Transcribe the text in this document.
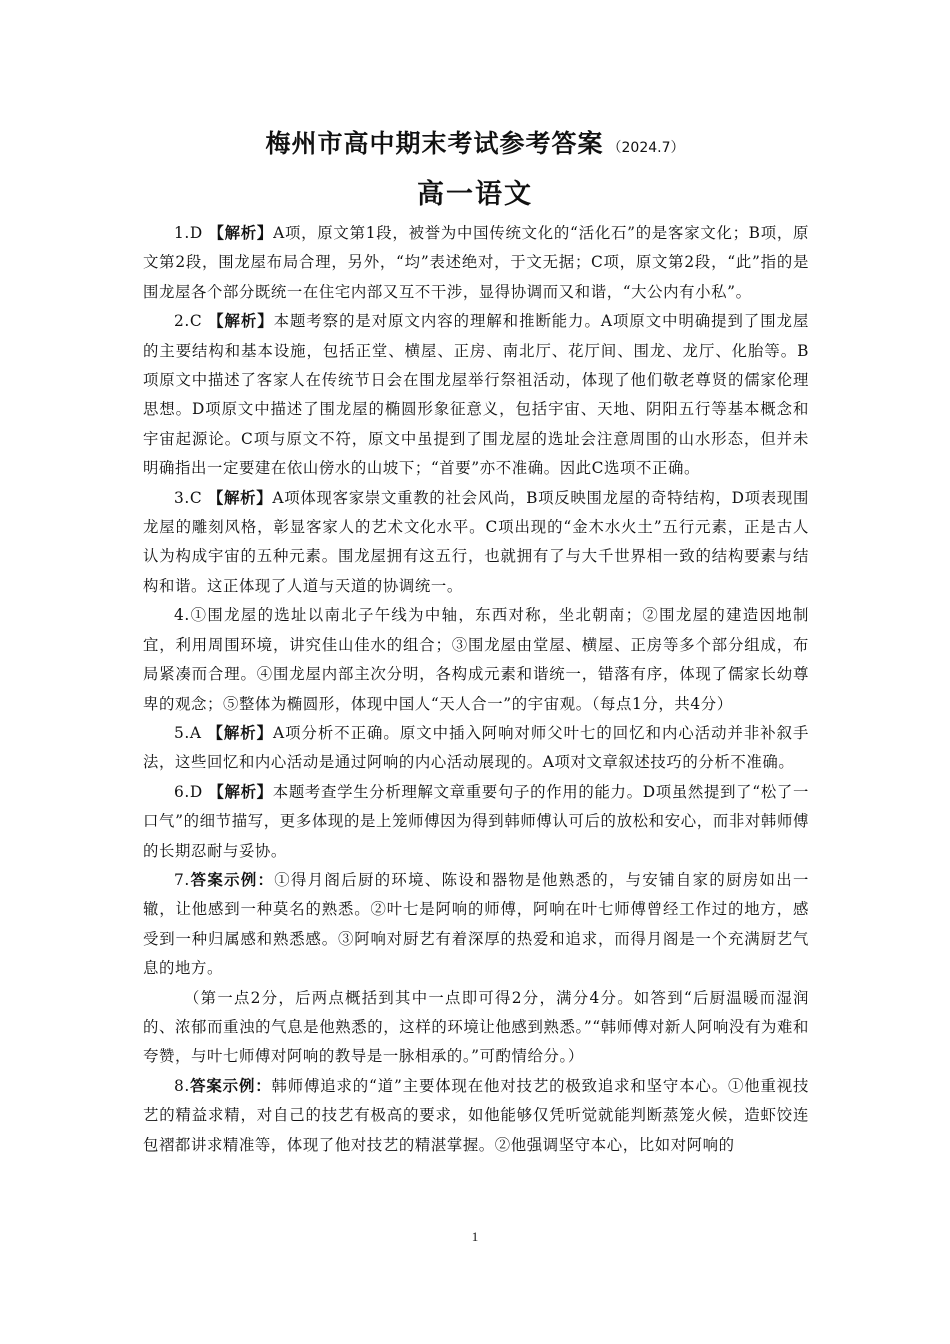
梅州市高中期末考试参考答案 （2024.7）
高一语文

1.D 【解析】A项，原文第1段，被誉为中国传统文化的“活化石”的是客家文化；B项，原文第2段，围龙屋布局合理，另外，“均”表述绝对，于文无据；C项，原文第2段，“此”指的是围龙屋各个部分既统一在住宅内部又互不干涉，显得协调而又和谐，“大公内有小私”。

2.C 【解析】本题考察的是对原文内容的理解和推断能力。A项原文中明确提到了围龙屋的主要结构和基本设施，包括正堂、横屋、正房、南北厅、花厅间、围龙、龙厅、化胎等。B项原文中描述了客家人在传统节日会在围龙屋举行祭祖活动，体现了他们敬老尊贤的儒家伦理思想。D项原文中描述了围龙屋的椭圆形象征意义，包括宇宙、天地、阴阳五行等基本概念和宇宙起源论。C项与原文不符，原文中虽提到了围龙屋的选址会注意周围的山水形态，但并未明确指出一定要建在依山傍水的山坡下；“首要”亦不准确。因此C选项不正确。

3.C 【解析】A项体现客家崇文重教的社会风尚，B项反映围龙屋的奇特结构，D项表现围龙屋的雕刻风格，彰显客家人的艺术文化水平。C项出现的“金木水火土”五行元素，正是古人认为构成宇宙的五种元素。围龙屋拥有这五行，也就拥有了与大千世界相一致的结构要素与结构和谐。这正体现了人道与天道的协调统一。

4.①围龙屋的选址以南北子午线为中轴，东西对称，坐北朝南；②围龙屋的建造因地制宜，利用周围环境，讲究佳山佳水的组合；③围龙屋由堂屋、横屋、正房等多个部分组成，布局紧凑而合理。④围龙屋内部主次分明，各构成元素和谐统一，错落有序，体现了儒家长幼尊卑的观念；⑤整体为椭圆形，体现中国人“天人合一”的宇宙观。（每点1分，共4分）

5.A 【解析】A项分析不正确。原文中插入阿响对师父叶七的回忆和内心活动并非补叙手法，这些回忆和内心活动是通过阿响的内心活动展现的。A项对文章叙述技巧的分析不准确。

6.D 【解析】本题考查学生分析理解文章重要句子的作用的能力。D项虽然提到了“松了一口气”的细节描写，更多体现的是上笼师傅因为得到韩师傅认可后的放松和安心，而非对韩师傅的长期忍耐与妥协。

7.答案示例：①得月阁后厨的环境、陈设和器物是他熟悉的，与安铺自家的厨房如出一辙，让他感到一种莫名的熟悉。②叶七是阿响的师傅，阿响在叶七师傅曾经工作过的地方，感受到一种归属感和熟悉感。③阿响对厨艺有着深厚的热爱和追求，而得月阁是一个充满厨艺气息的地方。

（第一点2分，后两点概括到其中一点即可得2分，满分4分。如答到“后厨温暖而湿润的、浓郁而重浊的气息是他熟悉的，这样的环境让他感到熟悉。”“韩师傅对新人阿响没有为难和夸赞，与叶七师傅对阿响的教导是一脉相承的。”可酌情给分。）

8.答案示例：韩师傅追求的“道”主要体现在他对技艺的极致追求和坚守本心。①他重视技艺的精益求精，对自己的技艺有极高的要求，如他能够仅凭听觉就能判断蒸笼火候，造虾饺连包褶都讲求精准等，体现了他对技艺的精湛掌握。②他强调坚守本心，比如对阿响的

1
